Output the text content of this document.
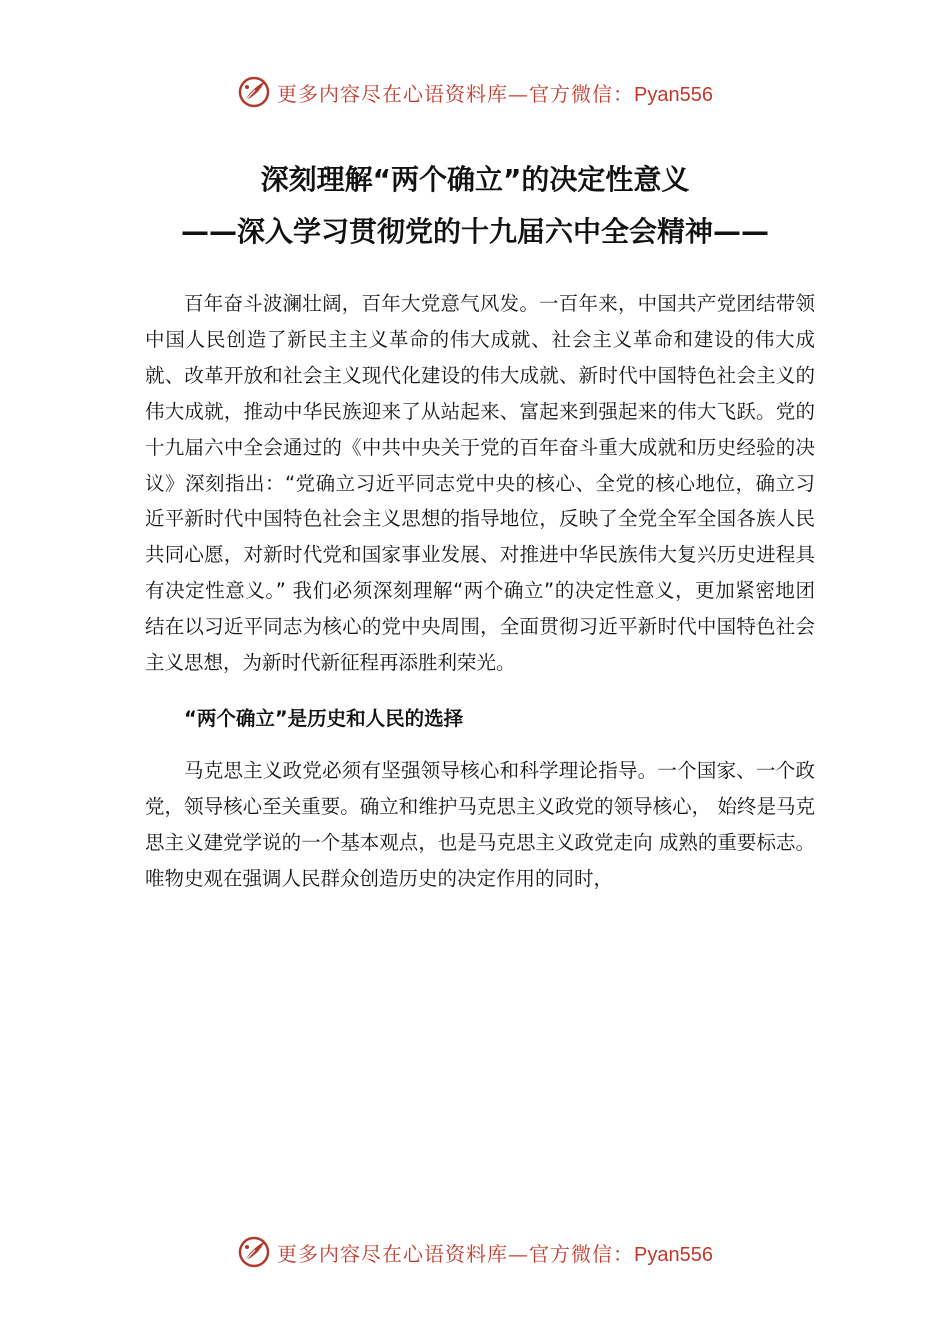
更多内容尽在心语资料库—官方微信：Pyan556
深刻理解“两个确立”的决定性意义
——深入学习贯彻党的十九届六中全会精神——

百年奋斗波澜壮阔，百年大党意气风发。一百年来，中国共产党团结带领中国人民创造了新民主主义革命的伟大成就、社会主义革命和建设的伟大成就、改革开放和社会主义现代化建设的伟大成就、新时代中国特色社会主义的伟大成就，推动中华民族迎来了从站起来、富起来到强起来的伟大飞跃。党的十九届六中全会通过的《中共中央关于党的百年奋斗重大成就和历史经验的决议》深刻指出：“党确立习近平同志党中央的核心、全党的核心地位，确立习近平新时代中国特色社会主义思想的指导地位，反映了全党全军全国各族人民共同心愿，对新时代党和国家事业发展、对推进中华民族伟大复兴历史进程具有决定性意义。” 我们必须深刻理解“两个确立”的决定性意义，更加紧密地团结在以习近平同志为核心的党中央周围，全面贯彻习近平新时代中国特色社会主义思想，为新时代新征程再添胜利荣光。

“两个确立”是历史和人民的选择

马克思主义政党必须有坚强领导核心和科学理论指导。一个国家、一个政党，领导核心至关重要。确立和维护马克思主义政党的领导核心， 始终是马克思主义建党学说的一个基本观点，也是马克思主义政党走向 成熟的重要标志。唯物史观在强调人民群众创造历史的决定作用的同时，

更多内容尽在心语资料库—官方微信：Pyan556
